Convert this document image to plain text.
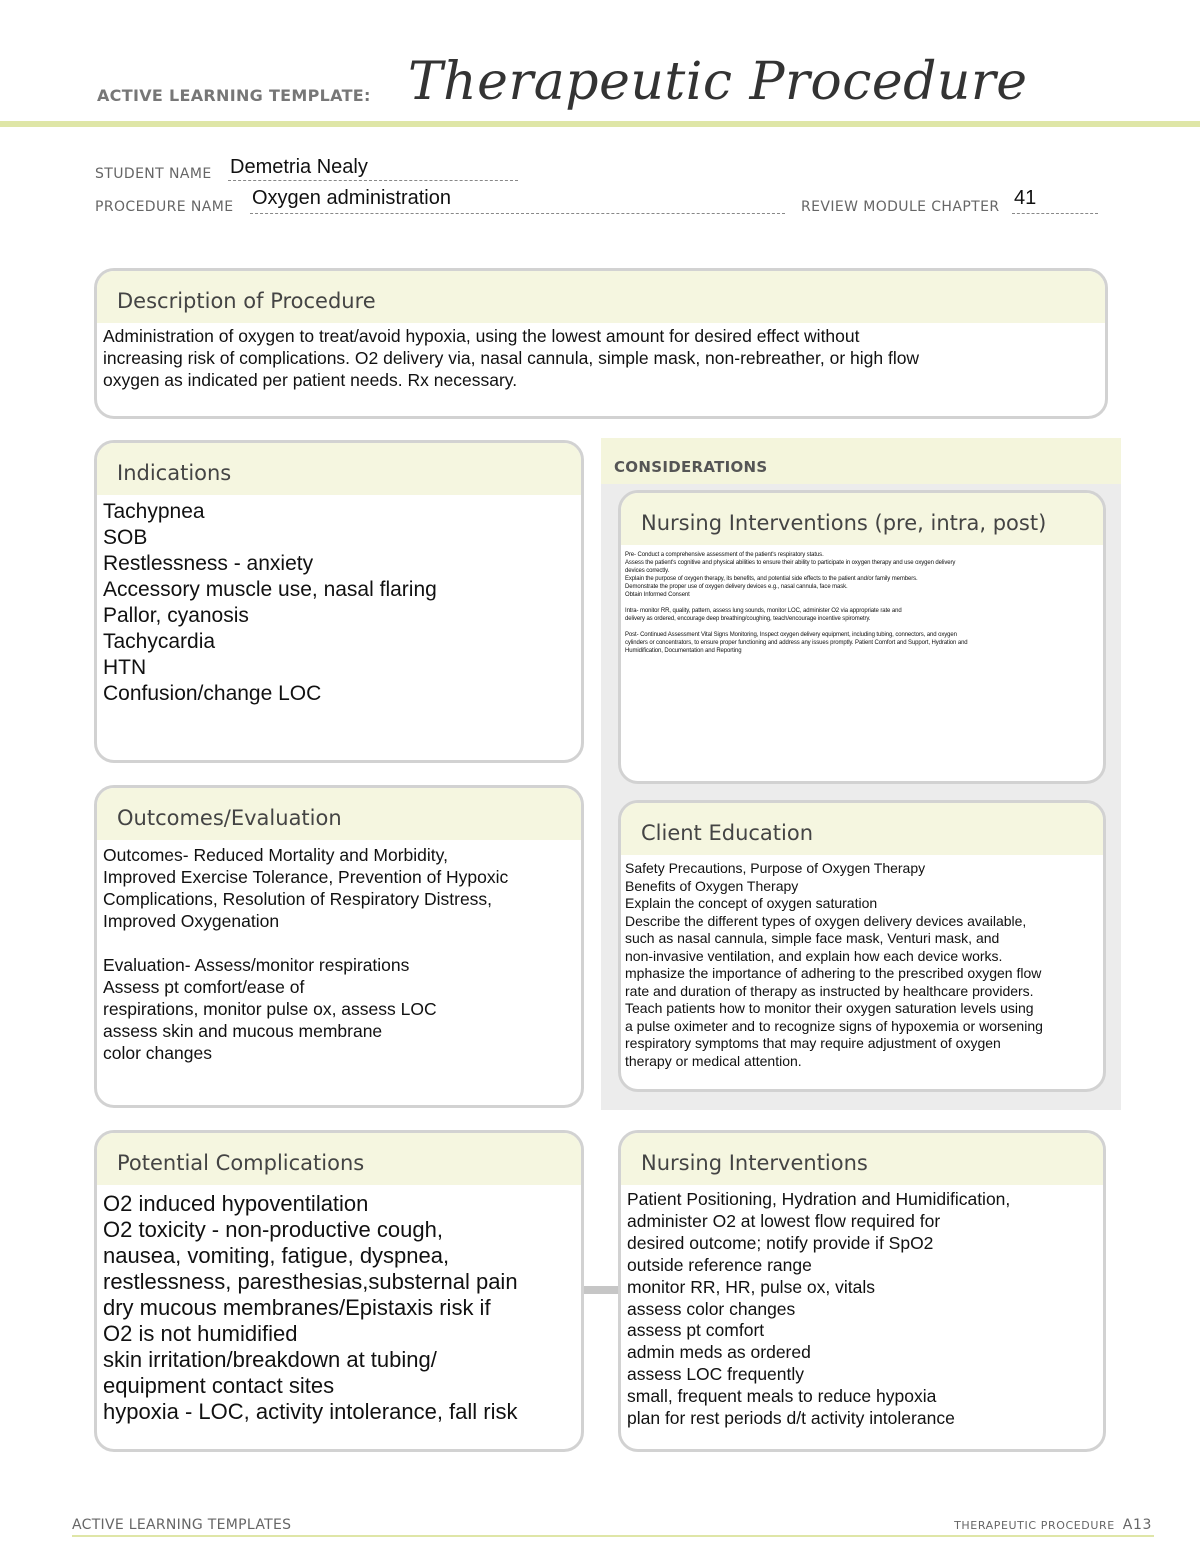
ACTIVE LEARNING TEMPLATE: Therapeutic Procedure
STUDENT NAME Demetria Nealy
PROCEDURE NAME Oxygen administration	REVIEW MODULE CHAPTER 41
Description of Procedure
Administration of oxygen to treat/avoid hypoxia, using the lowest amount for desired effect without
increasing risk of complications. O2 delivery via, nasal cannula, simple mask, non-rebreather, or high flow
oxygen as indicated per patient needs. Rx necessary.
CONSIDERATIONS
Indications
Tachypnea
SOB
Restlessness - anxiety
Accessory muscle use, nasal flaring
Pallor, cyanosis
Tachycardia
HTN
Confusion/change LOC
Nursing Interventions (pre, intra, post)
Pre- Conduct a comprehensive assessment of the patient's respiratory status.
Assess the patient's cognitive and physical abilities to ensure their ability to participate in oxygen therapy and use oxygen delivery
devices correctly.
Explain the purpose of oxygen therapy, its benefits, and potential side effects to the patient and/or family members.
Demonstrate the proper use of oxygen delivery devices e.g., nasal cannula, face mask.
Obtain Informed Consent
Intra- monitor RR, quality, pattern, assess lung sounds, monitor LOC, administer O2 via appropriate rate and
delivery as ordered, encourage deep breathing/coughing, teach/encourage incentive spirometry.
Post- Continued Assessment Vital Signs Monitoring, Inspect oxygen delivery equipment, including tubing, connectors, and oxygen
cylinders or concentrators, to ensure proper functioning and address any issues promptly. Patient Comfort and Support, Hydration and
Humidification, Documentation and Reporting
Outcomes/Evaluation
Outcomes- Reduced Mortality and Morbidity,
Improved Exercise Tolerance, Prevention of Hypoxic
Complications, Resolution of Respiratory Distress,
Improved Oxygenation
Evaluation- Assess/monitor respirations
Assess pt comfort/ease of
respirations, monitor pulse ox, assess LOC
assess skin and mucous membrane
color changes
Client Education
Safety Precautions, Purpose of Oxygen Therapy
Benefits of Oxygen Therapy
Explain the concept of oxygen saturation
Describe the different types of oxygen delivery devices available,
such as nasal cannula, simple face mask, Venturi mask, and
non-invasive ventilation, and explain how each device works.
mphasize the importance of adhering to the prescribed oxygen flow
rate and duration of therapy as instructed by healthcare providers.
Teach patients how to monitor their oxygen saturation levels using
a pulse oximeter and to recognize signs of hypoxemia or worsening
respiratory symptoms that may require adjustment of oxygen
therapy or medical attention.
Potential Complications
O2 induced hypoventilation
O2 toxicity - non-productive cough,
nausea, vomiting, fatigue, dyspnea,
restlessness, paresthesias,substernal pain
dry mucous membranes/Epistaxis risk if
O2 is not humidified
skin irritation/breakdown at tubing/
equipment contact sites
hypoxia - LOC, activity intolerance, fall risk
Nursing Interventions
Patient Positioning, Hydration and Humidification,
administer O2 at lowest flow required for
desired outcome; notify provide if SpO2
outside reference range
monitor RR, HR, pulse ox, vitals
assess color changes
assess pt comfort
admin meds as ordered
assess LOC frequently
small, frequent meals to reduce hypoxia
plan for rest periods d/t activity intolerance
ACTIVE LEARNING TEMPLATES	THERAPEUTIC PROCEDURE A13
